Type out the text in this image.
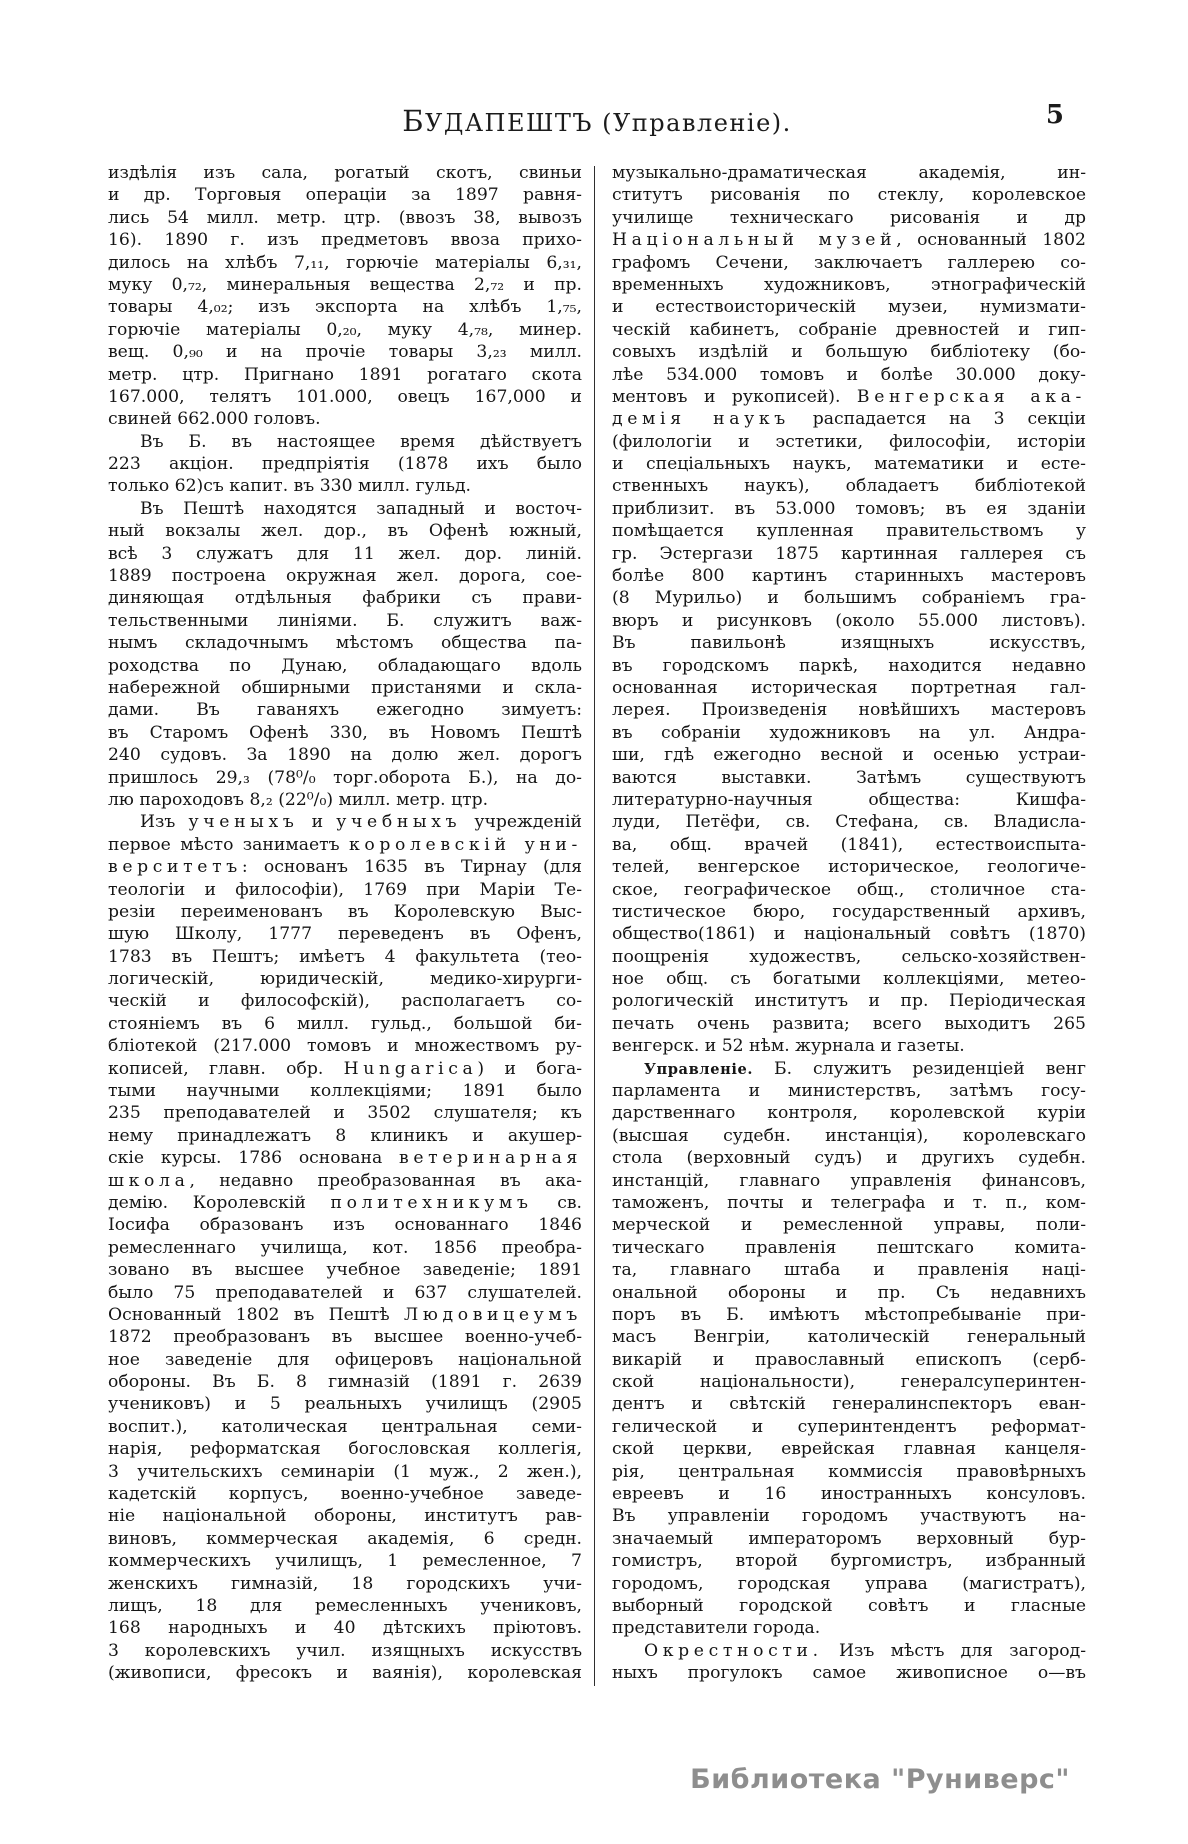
БУДАПЕШТЪ (Управленіе).	5
издѣлія изъ сала, рогатый скотъ, свиньи
и др. Торговыя операціи за 1897 равня-
лись 54 милл. метр. цтр. (ввозъ 38, вывозъ
16). 1890 г. изъ предметовъ ввоза прихо-
дилось на хлѣбъ 7,₁₁, горючіе матеріалы 6,₃₁,
муку 0,₇₂, минеральныя вещества 2,₇₂ и пр.
товары 4,₀₂; изъ экспорта на хлѣбъ 1,₇₅,
горючіе матеріалы 0,₂₀, муку 4,₇₈, минер.
вещ. 0,₉₀ и на прочіе товары 3,₂₃ милл.
метр. цтр. Пригнано 1891 рогатаго скота
167.000, телятъ 101.000, овецъ 167,000 и
свиней 662.000 головъ.
Въ Б. въ настоящее время дѣйствуетъ
223 акціон. предпріятія (1878 ихъ было
только 62)съ капит. въ 330 милл. гульд.
Въ Пештѣ находятся западный и восточ-
ный вокзалы жел. дор., въ Офенѣ южный,
всѣ 3 служатъ для 11 жел. дор. линій.
1889 построена окружная жел. дорога, сое-
диняющая отдѣльныя фабрики съ прави-
тельственными линіями. Б. служитъ важ-
нымъ складочнымъ мѣстомъ общества па-
роходства по Дунаю, обладающаго вдоль
набережной обширными пристанями и скла-
дами. Въ гаваняхъ ежегодно зимуетъ:
въ Старомъ Офенѣ 330, въ Новомъ Пештѣ
240 судовъ. За 1890 на долю жел. дорогъ
пришлось 29,₃ (78⁰/₀ торг.оборота Б.), на до-
лю пароходовъ 8,₂ (22⁰/₀) милл. метр. цтр.
Изъ ученыхъ и учебныхъ учрежденій
первое мѣсто занимаетъ королевскій уни-
верситетъ: основанъ 1635 въ Тирнау (для
теологіи и философіи), 1769 при Маріи Те-
резіи переименованъ въ Королевскую Выс-
шую Школу, 1777 переведенъ въ Офенъ,
1783 въ Пештъ; имѣетъ 4 факультета (тео-
логическій, юридическій, медико-хирурги-
ческій и философскій), располагаетъ со-
стояніемъ въ 6 милл. гульд., большой би-
бліотекой (217.000 томовъ и множествомъ ру-
кописей, главн. обр. Hungarica) и бога-
тыми научными коллекціями; 1891 было
235 преподавателей и 3502 слушателя; къ
нему принадлежатъ 8 клиникъ и акушер-
скіе курсы. 1786 основана ветеринарная
школа, недавно преобразованная въ ака-
демію. Королевскій политехникумъ св.
Іосифа образованъ изъ основаннаго 1846
ремесленнаго училища, кот. 1856 преобра-
зовано въ высшее учебное заведеніе; 1891
было 75 преподавателей и 637 слушателей.
Основанный 1802 въ Пештѣ Людовицеумъ
1872 преобразованъ въ высшее военно-учеб-
ное заведеніе для офицеровъ національной
обороны. Въ Б. 8 гимназій (1891 г. 2639
учениковъ) и 5 реальныхъ училищъ (2905
воспит.), католическая центральная семи-
нарія, реформатская богословская коллегія,
3 учительскихъ семинаріи (1 муж., 2 жен.),
кадетскій корпусъ, военно-учебное заведе-
ніе національной обороны, институтъ рав-
виновъ, коммерческая академія, 6 средн.
коммерческихъ училищъ, 1 ремесленное, 7
женскихъ гимназій, 18 городскихъ учи-
лищъ, 18 для ремесленныхъ учениковъ,
168 народныхъ и 40 дѣтскихъ пріютовъ.
3 королевскихъ учил. изящныхъ искусствъ
(живописи, фресокъ и ваянія), королевская
музыкально-драматическая академія, ин-
ститутъ рисованія по стеклу, королевское
училище техническаго рисованія и др
Національный музей, основанный 1802
графомъ Сечени, заключаетъ галлерею со-
временныхъ художниковъ, этнографическій
и естествоисторическій музеи, нумизмати-
ческій кабинетъ, собраніе древностей и гип-
совыхъ издѣлій и большую библіотеку (бо-
лѣе 534.000 томовъ и болѣе 30.000 доку-
ментовъ и рукописей). Венгерская ака-
демія наукъ распадается на 3 секціи
(филологіи и эстетики, философіи, исторіи
и спеціальныхъ наукъ, математики и есте-
ственныхъ наукъ), обладаетъ библіотекой
приблизит. въ 53.000 томовъ; въ ея зданіи
помѣщается купленная правительствомъ у
гр. Эстергази 1875 картинная галлерея съ
болѣе 800 картинъ старинныхъ мастеровъ
(8 Мурильо) и большимъ собраніемъ гра-
вюръ и рисунковъ (около 55.000 листовъ).
Въ павильонѣ изящныхъ искусствъ,
въ городскомъ паркѣ, находится недавно
основанная историческая портретная гал-
лерея. Произведенія новѣйшихъ мастеровъ
въ собраніи художниковъ на ул. Андра-
ши, гдѣ ежегодно весной и осенью устраи-
ваются выставки. Затѣмъ существуютъ
литературно-научныя общества: Кишфа-
луди, Петёфи, св. Стефана, св. Владисла-
ва, общ. врачей (1841), естествоиспыта-
телей, венгерское историческое, геологиче-
ское, географическое общ., столичное ста-
тистическое бюро, государственный архивъ,
общество(1861) и національный совѣтъ (1870)
поощренія художествъ, сельско-хозяйствен-
ное общ. съ богатыми коллекціями, метео-
рологическій институтъ и пр. Періодическая
печать очень развита; всего выходитъ 265
венгерск. и 52 нѣм. журнала и газеты.
Управленіе. Б. служитъ резиденціей венг
парламента и министерствъ, затѣмъ госу-
дарственнаго контроля, королевской куріи
(высшая судебн. инстанція), королевскаго
стола (верховный судъ) и другихъ судебн.
инстанцій, главнаго управленія финансовъ,
таможенъ, почты и телеграфа и т. п., ком-
мерческой и ремесленной управы, поли-
тическаго правленія пештскаго комита-
та, главнаго штаба и правленія наці-
ональной обороны и пр. Съ недавнихъ
поръ въ Б. имѣютъ мѣстопребываніе при-
масъ Венгріи, католическій генеральный
викарій и православный епископъ (серб-
ской національности), генералсуперинтен-
дентъ и свѣтскій генералинспекторъ еван-
гелической и суперинтендентъ реформат-
ской церкви, еврейская главная канцеля-
рія, центральная коммиссія правовѣрныхъ
евреевъ и 16 иностранныхъ консуловъ.
Въ управленіи городомъ участвуютъ на-
значаемый императоромъ верховный бур-
гомистръ, второй бургомистръ, избранный
городомъ, городская управа (магистратъ),
выборный городской совѣтъ и гласные
представители города.
Окрестности. Изъ мѣстъ для загород-
ныхъ прогулокъ самое живописное о—въ
Библиотека "Руниверс"
